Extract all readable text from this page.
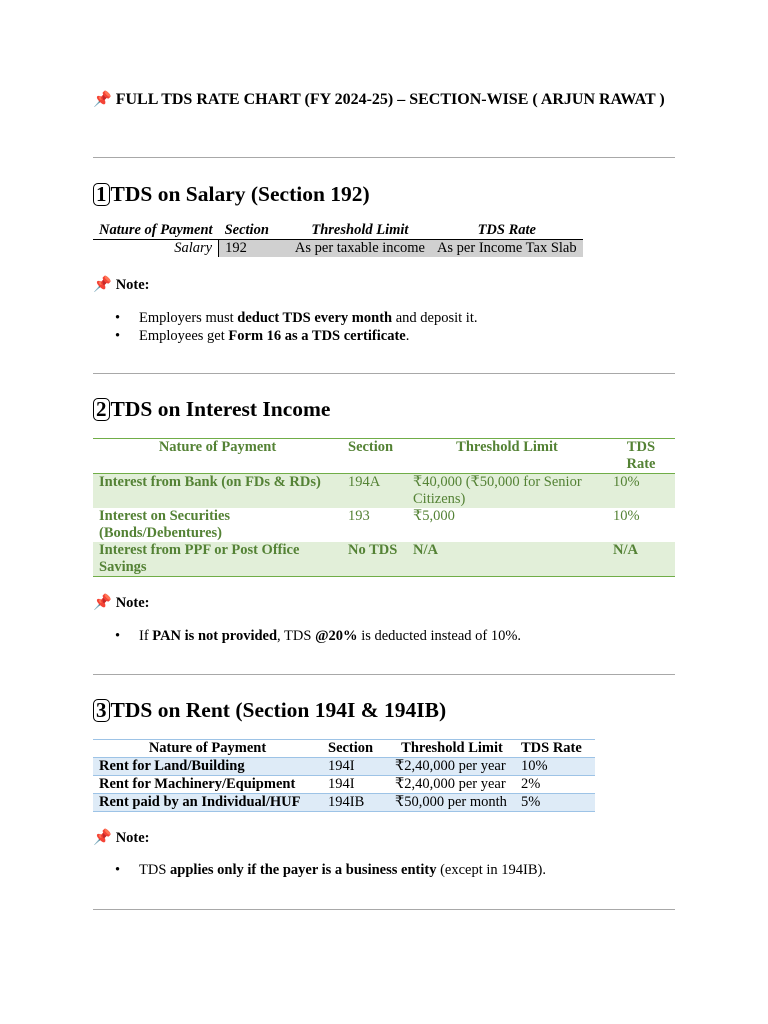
📌 FULL TDS RATE CHART (FY 2024-25) – SECTION-WISE ( ARJUN RAWAT )
1 TDS on Salary (Section 192)
Nature of Payment	Section	Threshold Limit	TDS Rate
Salary	192	As per taxable income	As per Income Tax Slab
📌 Note:
• Employers must deduct TDS every month and deposit it.
• Employees get Form 16 as a TDS certificate.
2 TDS on Interest Income
Nature of Payment	Section	Threshold Limit	TDS Rate
Interest from Bank (on FDs & RDs)	194A	₹40,000 (₹50,000 for Senior Citizens)	10%
Interest on Securities (Bonds/Debentures)	193	₹5,000	10%
Interest from PPF or Post Office Savings	No TDS	N/A	N/A
📌 Note:
• If PAN is not provided, TDS @20% is deducted instead of 10%.
3 TDS on Rent (Section 194I & 194IB)
Nature of Payment	Section	Threshold Limit	TDS Rate
Rent for Land/Building	194I	₹2,40,000 per year	10%
Rent for Machinery/Equipment	194I	₹2,40,000 per year	2%
Rent paid by an Individual/HUF	194IB	₹50,000 per month	5%
📌 Note:
• TDS applies only if the payer is a business entity (except in 194IB).
